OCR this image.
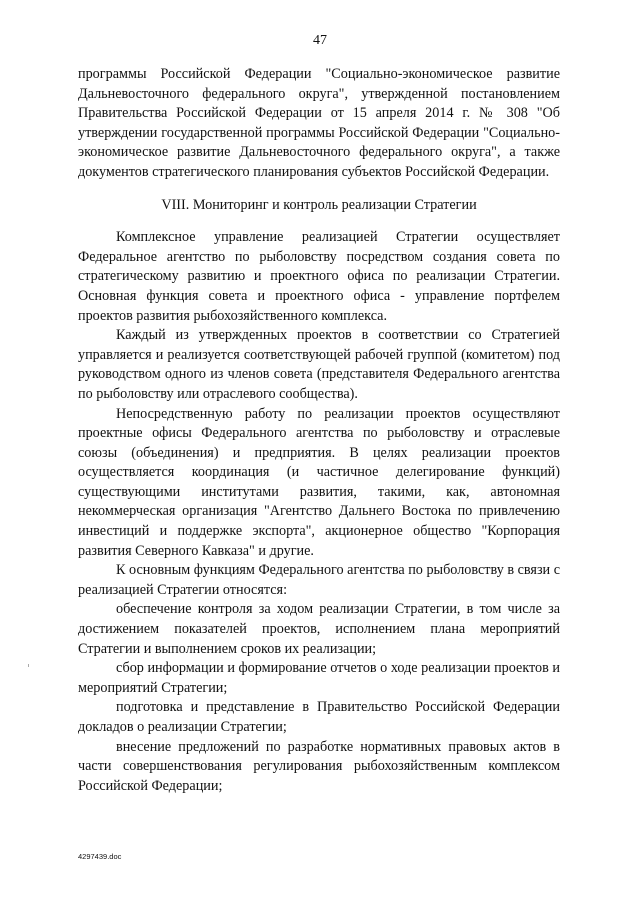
47

программы Российской Федерации "Социально-экономическое развитие Дальневосточного федерального округа", утвержденной постановлением Правительства Российской Федерации от 15 апреля 2014 г. № 308 "Об утверждении государственной программы Российской Федерации "Социально-экономическое развитие Дальневосточного федерального округа", а также документов стратегического планирования субъектов Российской Федерации.

VIII. Мониторинг и контроль реализации Стратегии

Комплексное управление реализацией Стратегии осуществляет Федеральное агентство по рыболовству посредством создания совета по стратегическому развитию и проектного офиса по реализации Стратегии. Основная функция совета и проектного офиса - управление портфелем проектов развития рыбохозяйственного комплекса.

Каждый из утвержденных проектов в соответствии со Стратегией управляется и реализуется соответствующей рабочей группой (комитетом) под руководством одного из членов совета (представителя Федерального агентства по рыболовству или отраслевого сообщества).

Непосредственную работу по реализации проектов осуществляют проектные офисы Федерального агентства по рыболовству и отраслевые союзы (объединения) и предприятия. В целях реализации проектов осуществляется координация (и частичное делегирование функций) существующими институтами развития, такими, как, автономная некоммерческая организация "Агентство Дальнего Востока по привлечению инвестиций и поддержке экспорта", акционерное общество "Корпорация развития Северного Кавказа" и другие.

К основным функциям Федерального агентства по рыболовству в связи с реализацией Стратегии относятся:

обеспечение контроля за ходом реализации Стратегии, в том числе за достижением показателей проектов, исполнением плана мероприятий Стратегии и выполнением сроков их реализации;

сбор информации и формирование отчетов о ходе реализации проектов и мероприятий Стратегии;

подготовка и представление в Правительство Российской Федерации докладов о реализации Стратегии;

внесение предложений по разработке нормативных правовых актов в части совершенствования регулирования рыбохозяйственным комплексом Российской Федерации;

4297439.doc
